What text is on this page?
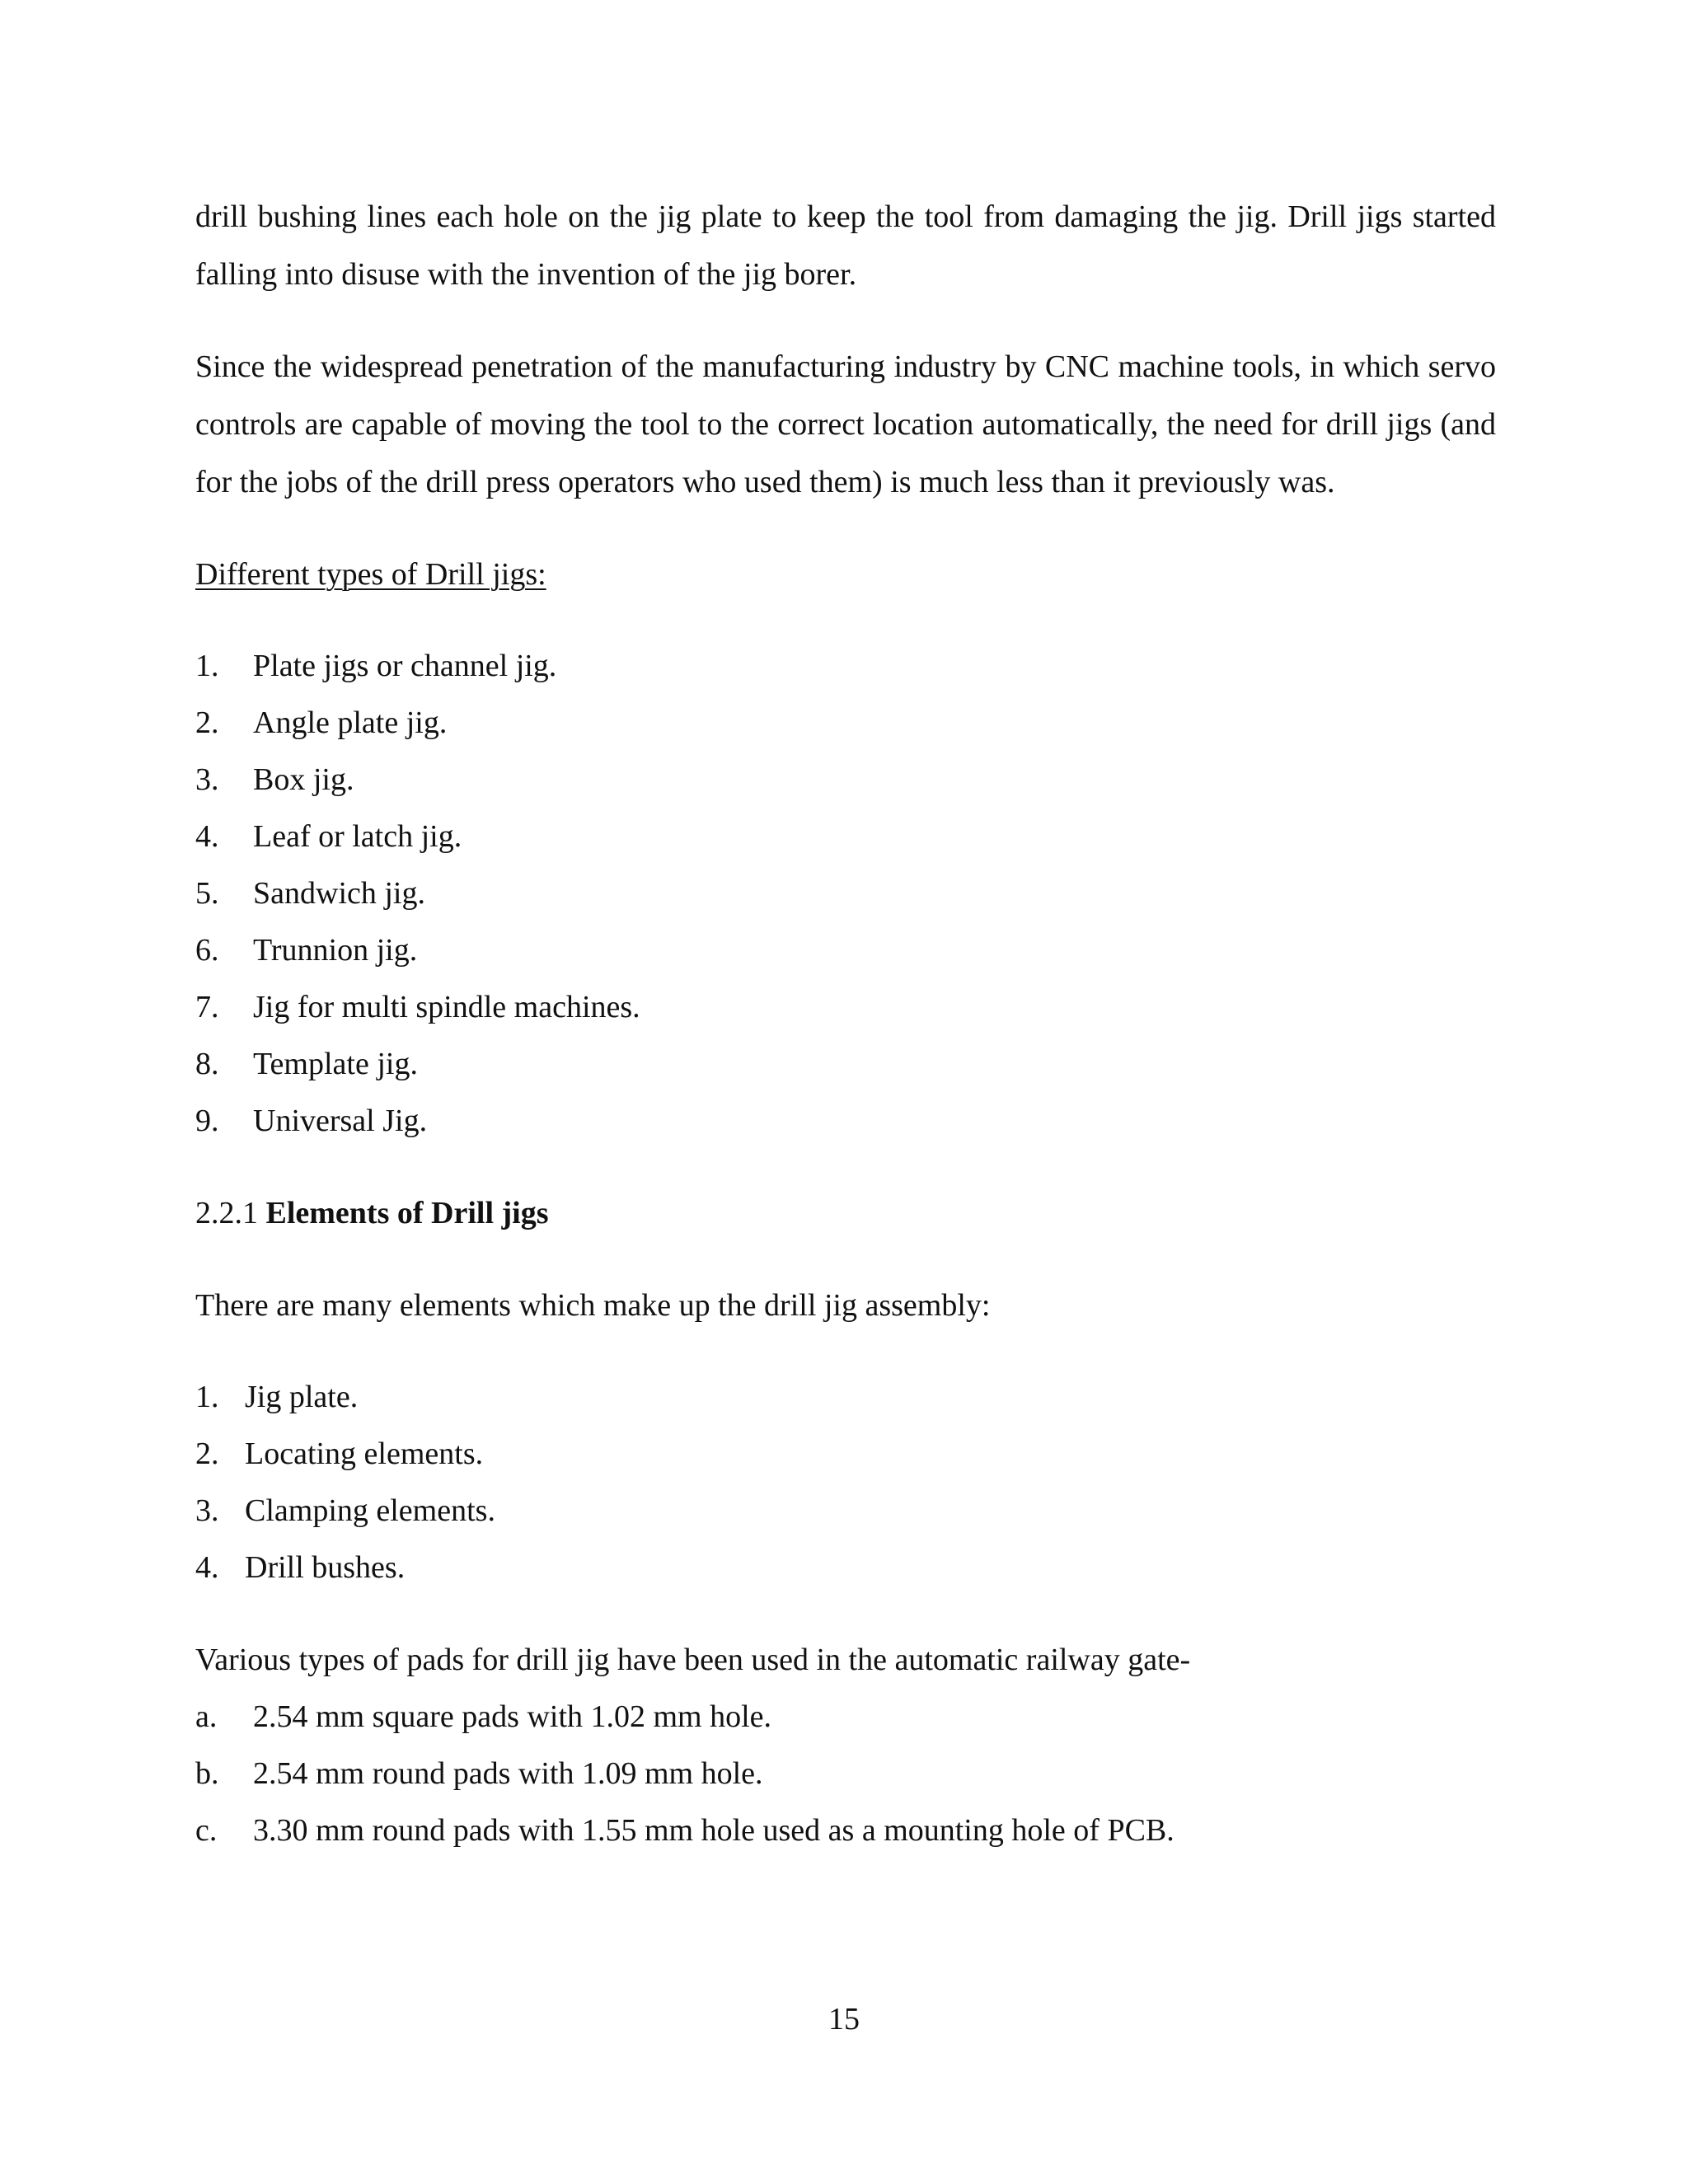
drill bushing lines each hole on the jig plate to keep the tool from damaging the jig. Drill jigs started falling into disuse with the invention of the jig borer.

Since the widespread penetration of the manufacturing industry by CNC machine tools, in which servo controls are capable of moving the tool to the correct location automatically, the need for drill jigs (and for the jobs of the drill press operators who used them) is much less than it previously was.

Different types of Drill jigs:

1.	Plate jigs or channel jig.
2.	Angle plate jig.
3.	Box jig.
4.	Leaf or latch jig.
5.	Sandwich jig.
6.	Trunnion jig.
7.	Jig for multi spindle machines.
8.	Template jig.
9.	Universal Jig.

2.2.1 Elements of Drill jigs

There are many elements which make up the drill jig assembly:

1. Jig plate.
2. Locating elements.
3. Clamping elements.
4. Drill bushes.

Various types of pads for drill jig have been used in the automatic railway gate-

a.	2.54 mm square pads with 1.02 mm hole.
b.	2.54 mm round pads with 1.09 mm hole.
c.	3.30 mm round pads with 1.55 mm hole used as a mounting hole of PCB.
15
